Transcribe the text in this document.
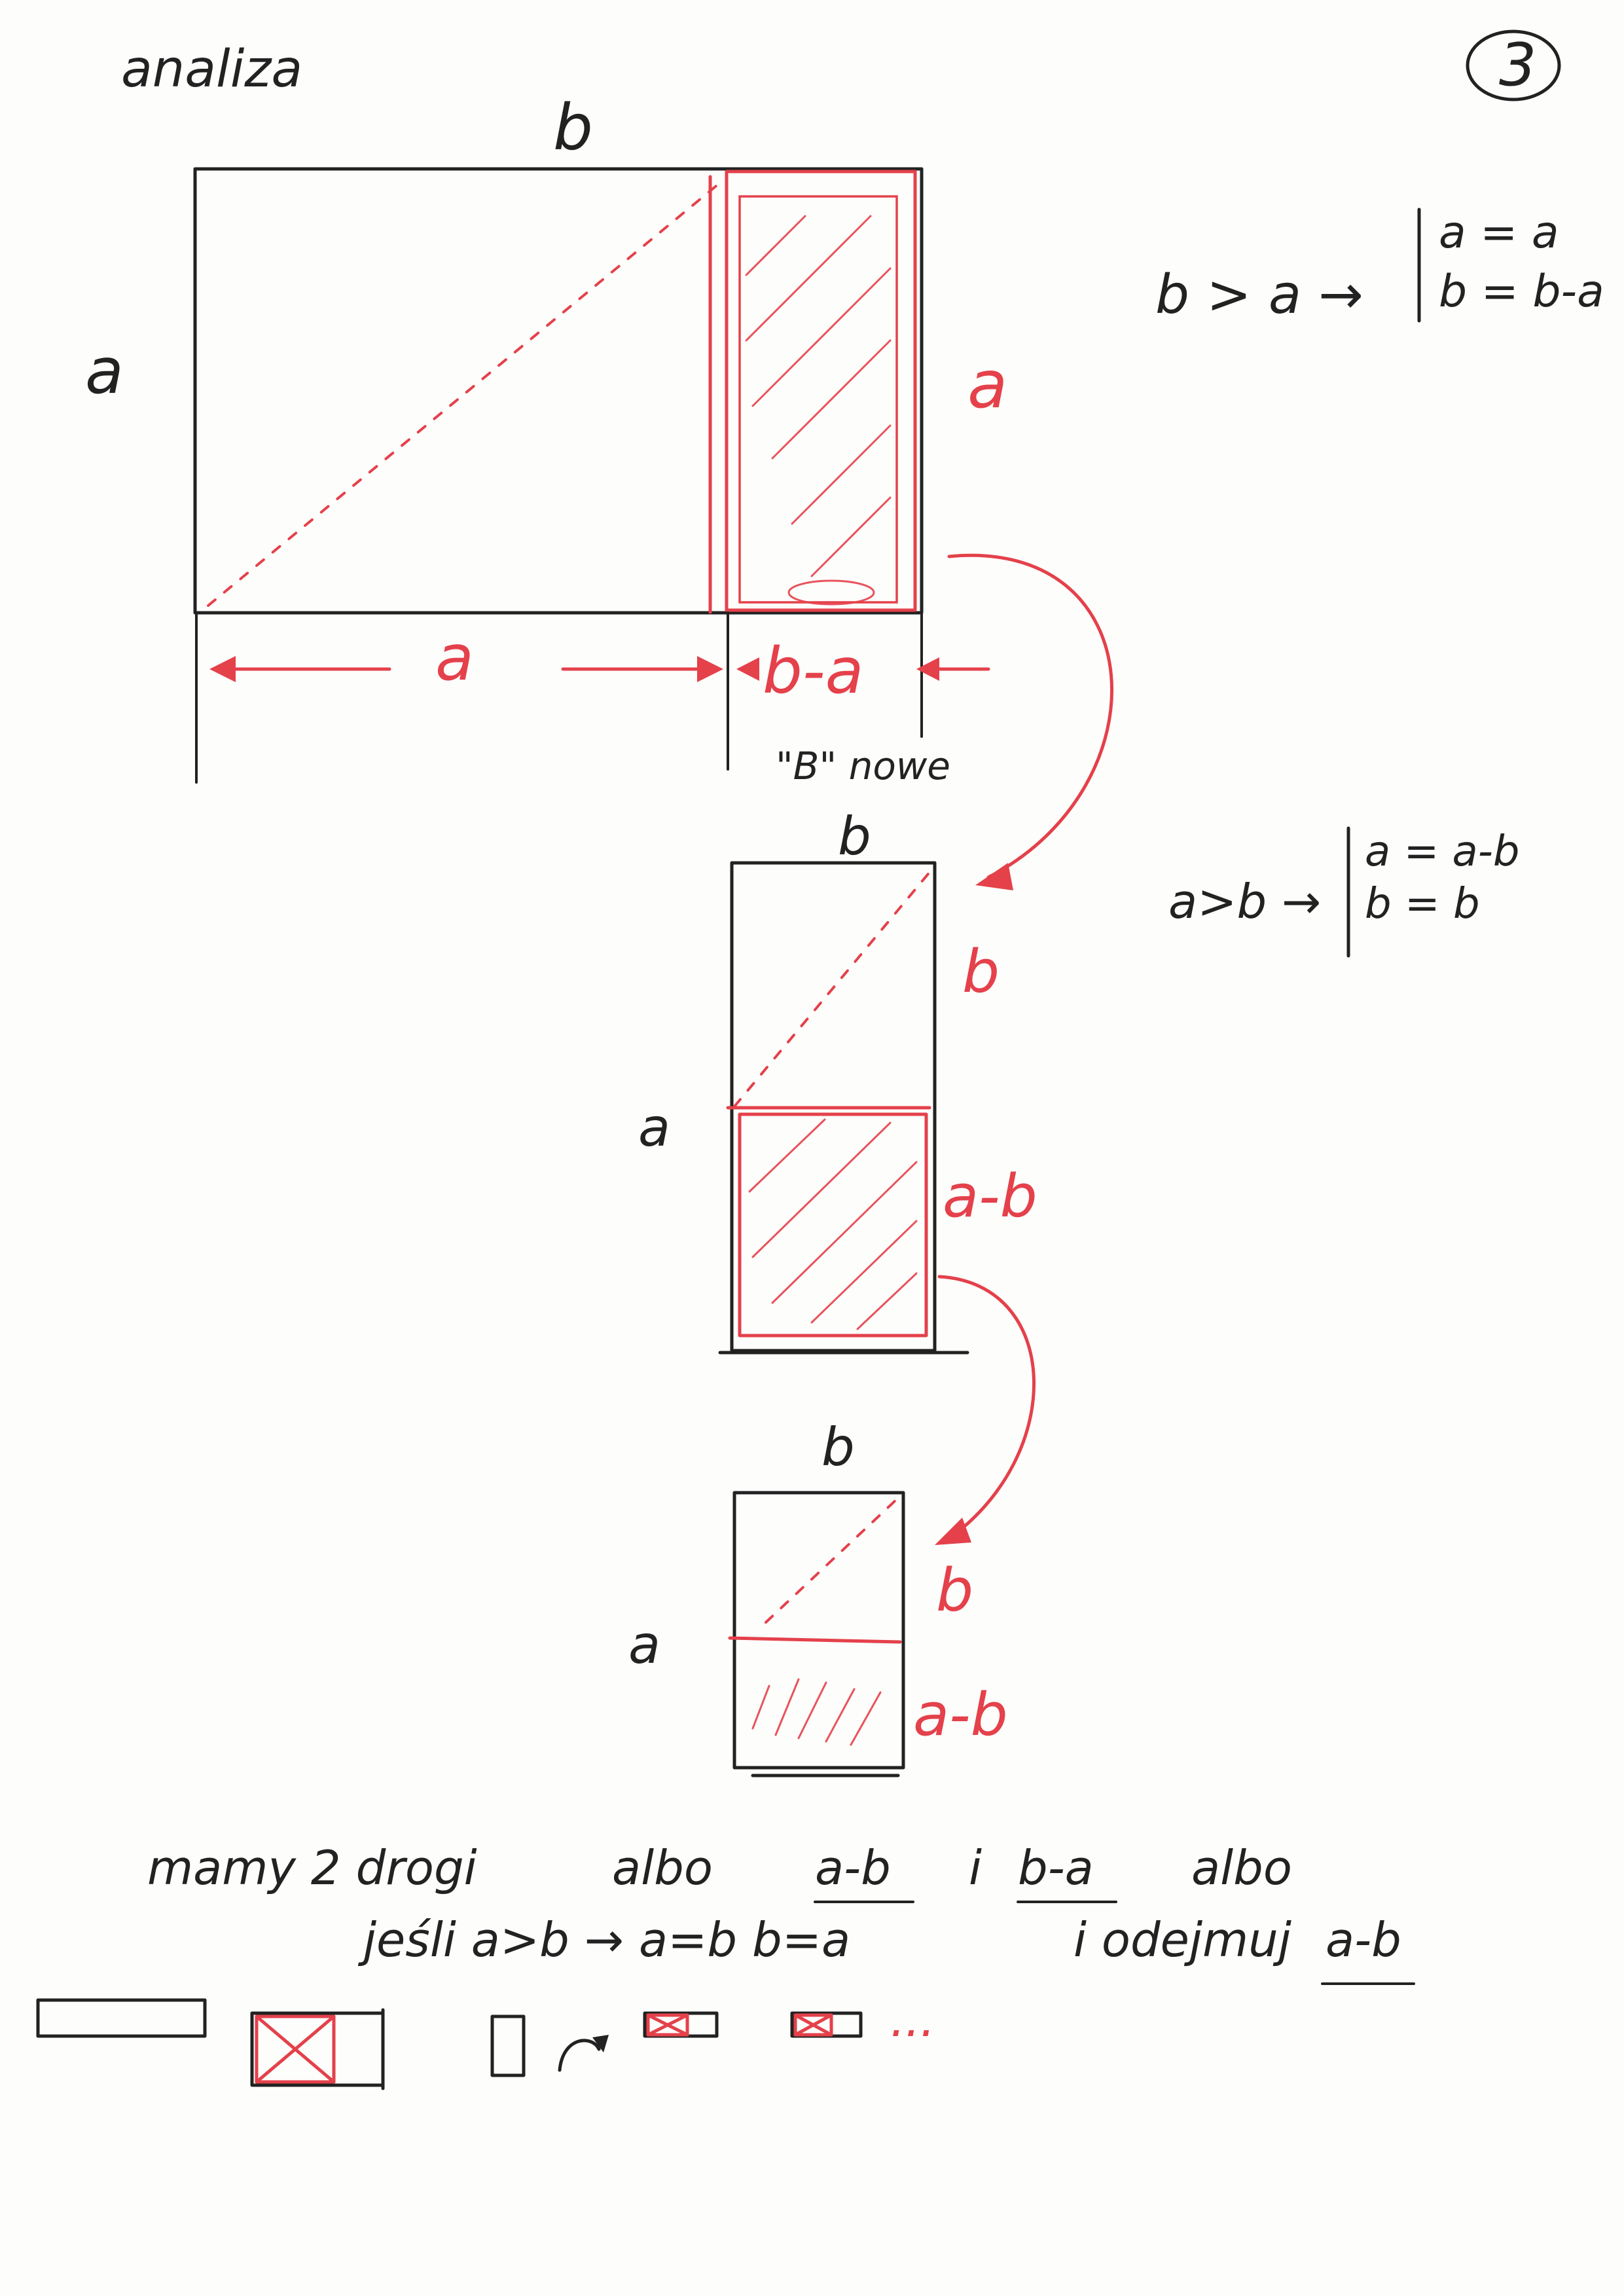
analiza	3
b
a	a
a	b-a
"B" nowe
b > a →
a = a
b = b-a
b
a
b
a-b
a>b →
a = a-b
b = b
b
a
b
a-b
mamy 2 drogi	albo a-b i b-a albo
jeśli a>b → a=b b=a	i odejmuj a-b
...
